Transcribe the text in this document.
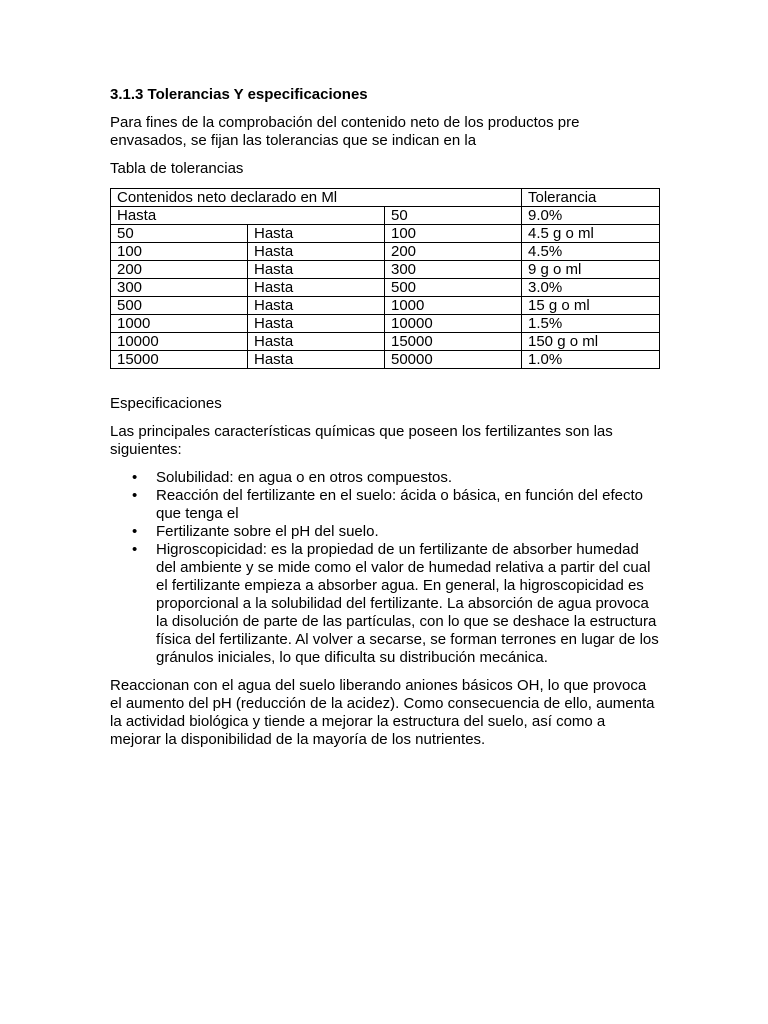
3.1.3 Tolerancias Y especificaciones

Para fines de la comprobación del contenido neto de los productos pre envasados, se fijan las tolerancias que se indican en la

Tabla de tolerancias
Contenidos neto declarado en Ml			Tolerancia
Hasta		50	9.0%
50	Hasta	100	4.5 g o ml
100	Hasta	200	4.5%
200	Hasta	300	9 g o ml
300	Hasta	500	3.0%
500	Hasta	1000	15 g o ml
1000	Hasta	10000	1.5%
10000	Hasta	15000	150 g o ml
15000	Hasta	50000	1.0%

Especificaciones

Las principales características químicas que poseen los fertilizantes son las siguientes:

• Solubilidad: en agua o en otros compuestos.
• Reacción del fertilizante en el suelo: ácida o básica, en función del efecto que tenga el
• Fertilizante sobre el pH del suelo.
• Higroscopicidad: es la propiedad de un fertilizante de absorber humedad del ambiente y se mide como el valor de humedad relativa a partir del cual el fertilizante empieza a absorber agua. En general, la higroscopicidad es proporcional a la solubilidad del fertilizante. La absorción de agua provoca la disolución de parte de las partículas, con lo que se deshace la estructura física del fertilizante. Al volver a secarse, se forman terrones en lugar de los gránulos iniciales, lo que dificulta su distribución mecánica.

Reaccionan con el agua del suelo liberando aniones básicos OH, lo que provoca el aumento del pH (reducción de la acidez). Como consecuencia de ello, aumenta la actividad biológica y tiende a mejorar la estructura del suelo, así como a mejorar la disponibilidad de la mayoría de los nutrientes.
